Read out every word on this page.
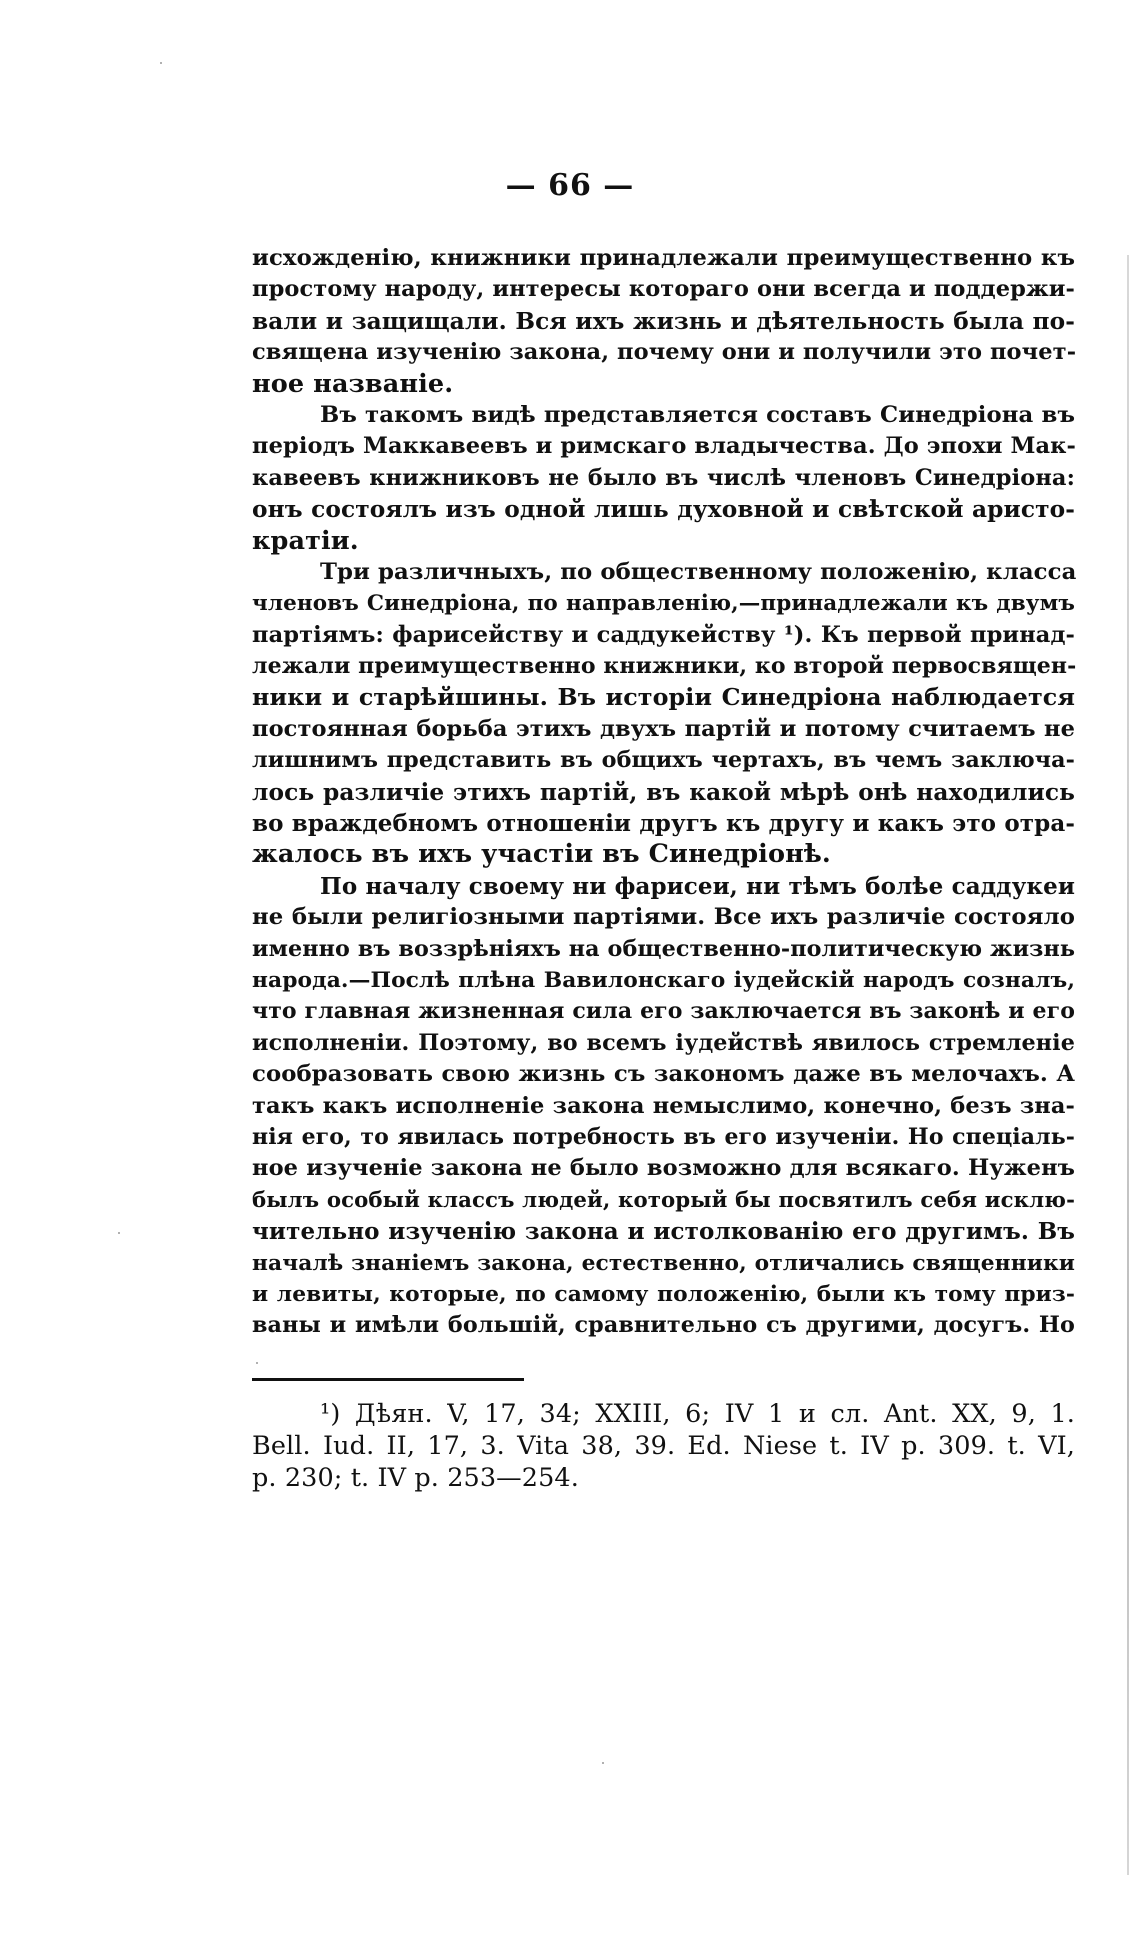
— 66 —
исхожденію, книжники принадлежали преимущественно къ
простому народу, интересы котораго они всегда и поддержи-
вали и защищали. Вся ихъ жизнь и дѣятельность была по-
священа изученію закона, почему они и получили это почет-
ное названіе.
Въ такомъ видѣ представляется составъ Синедріона въ
періодъ Маккавеевъ и римскаго владычества. До эпохи Мак-
кавеевъ книжниковъ не было въ числѣ членовъ Синедріона:
онъ состоялъ изъ одной лишь духовной и свѣтской аристо-
кратіи.
Три различныхъ, по общественному положенію, класса
членовъ Синедріона, по направленію,—принадлежали къ двумъ
партіямъ: фарисейству и саддукейству ¹). Къ первой принад-
лежали преимущественно книжники, ко второй первосвящен-
ники и старѣйшины. Въ исторіи Синедріона наблюдается
постоянная борьба этихъ двухъ партій и потому считаемъ не
лишнимъ представить въ общихъ чертахъ, въ чемъ заключа-
лось различіе этихъ партій, въ какой мѣрѣ онѣ находились
во враждебномъ отношеніи другъ къ другу и какъ это отра-
жалось въ ихъ участіи въ Синедріонѣ.
По началу своему ни фарисеи, ни тѣмъ болѣе саддукеи
не были религіозными партіями. Все ихъ различіе состояло
именно въ воззрѣніяхъ на общественно-политическую жизнь
народа.—Послѣ плѣна Вавилонскаго іудейскій народъ созналъ,
что главная жизненная сила его заключается въ законѣ и его
исполненіи. Поэтому, во всемъ іудействѣ явилось стремленіе
сообразовать свою жизнь съ закономъ даже въ мелочахъ. А
такъ какъ исполненіе закона немыслимо, конечно, безъ зна-
нія его, то явилась потребность въ его изученіи. Но спеціаль-
ное изученіе закона не было возможно для всякаго. Нуженъ
былъ особый классъ людей, который бы посвятилъ себя исклю-
чительно изученію закона и истолкованію его другимъ. Въ
началѣ знаніемъ закона, естественно, отличались священники
и левиты, которые, по самому положенію, были къ тому приз-
ваны и имѣли большій, сравнительно съ другими, досугъ. Но
¹) Дѣян. V, 17, 34; XXIII, 6; IV 1 и сл. Ant. XX, 9, 1.
Bell. Iud. II, 17, 3. Vita 38, 39. Ed. Niese t. IV p. 309. t. VI,
p. 230; t. IV p. 253—254.
